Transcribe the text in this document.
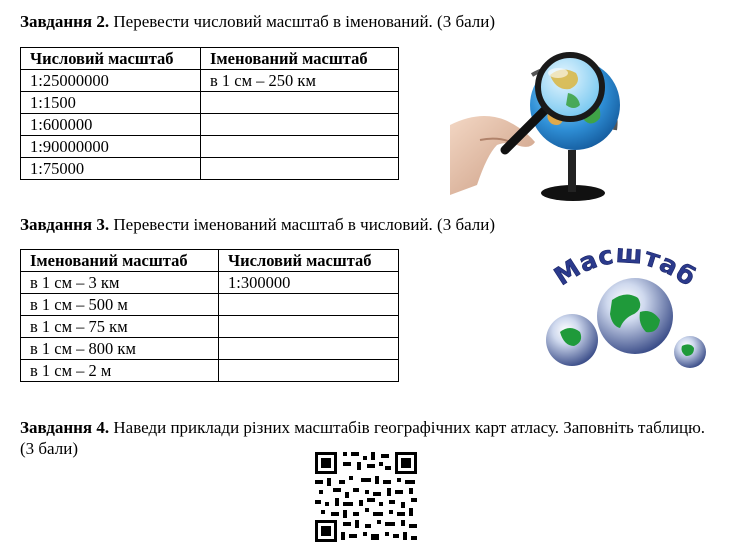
Завдання 2. Перевести числовий масштаб в іменований. (3 бали)
Числовий масштаб	Іменований масштаб
1:25000000	в 1 см – 250 км
1:1500	
1:600000	
1:90000000	
1:75000	
Завдання 3. Перевести іменований масштаб в числовий. (3 бали)
Іменований масштаб	Числовий масштаб
в 1 см – 3 км	1:300000
в 1 см – 500 м	
в 1 см – 75 км	
в 1 см – 800 км	
в 1 см – 2 м	
Масштаб
Завдання 4. Наведи приклади різних масштабів географічних карт атласу. Заповніть таблицю. (3 бали)
